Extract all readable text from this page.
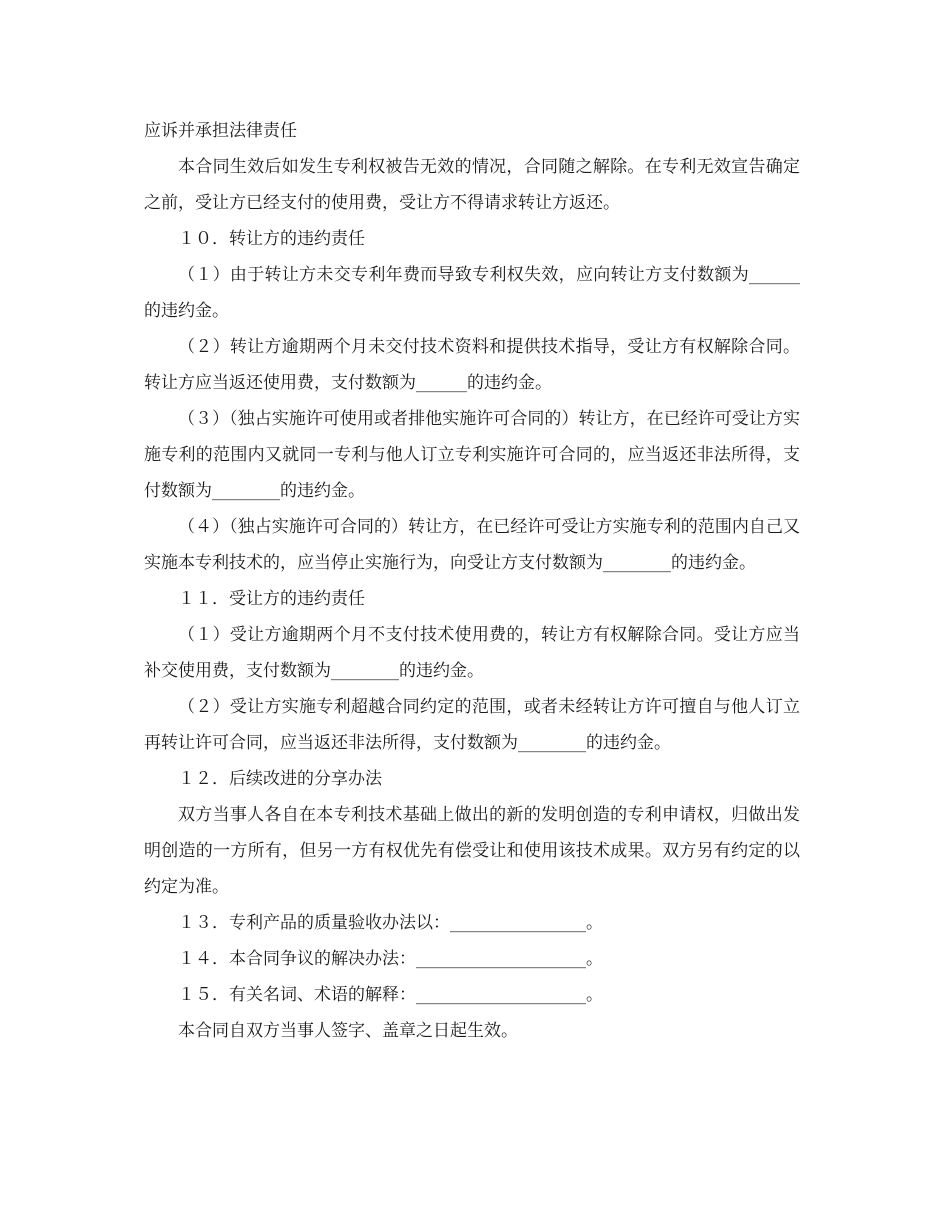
应诉并承担法律责任

本合同生效后如发生专利权被告无效的情况，合同随之解除。在专利无效宣告确定之前，受让方已经支付的使用费，受让方不得请求转让方返还。

１０．转让方的违约责任

（１）由于转让方未交专利年费而导致专利权失效，应向转让方支付数额为______的违约金。

（２）转让方逾期两个月未交付技术资料和提供技术指导，受让方有权解除合同。转让方应当返还使用费，支付数额为______的违约金。

（３）（独占实施许可使用或者排他实施许可合同的）转让方，在已经许可受让方实施专利的范围内又就同一专利与他人订立专利实施许可合同的，应当返还非法所得，支付数额为________的违约金。

（４）（独占实施许可合同的）转让方，在已经许可受让方实施专利的范围内自己又实施本专利技术的，应当停止实施行为，向受让方支付数额为________的违约金。

１１．受让方的违约责任

（１）受让方逾期两个月不支付技术使用费的，转让方有权解除合同。受让方应当补交使用费，支付数额为________的违约金。

（２）受让方实施专利超越合同约定的范围，或者未经转让方许可擅自与他人订立再转让许可合同，应当返还非法所得，支付数额为________的违约金。

１２．后续改进的分享办法

双方当事人各自在本专利技术基础上做出的新的发明创造的专利申请权，归做出发明创造的一方所有，但另一方有权优先有偿受让和使用该技术成果。双方另有约定的以约定为准。

１３．专利产品的质量验收办法以：________________。

１４．本合同争议的解决办法：____________________。

１５．有关名词、术语的解释：____________________。

本合同自双方当事人签字、盖章之日起生效。
